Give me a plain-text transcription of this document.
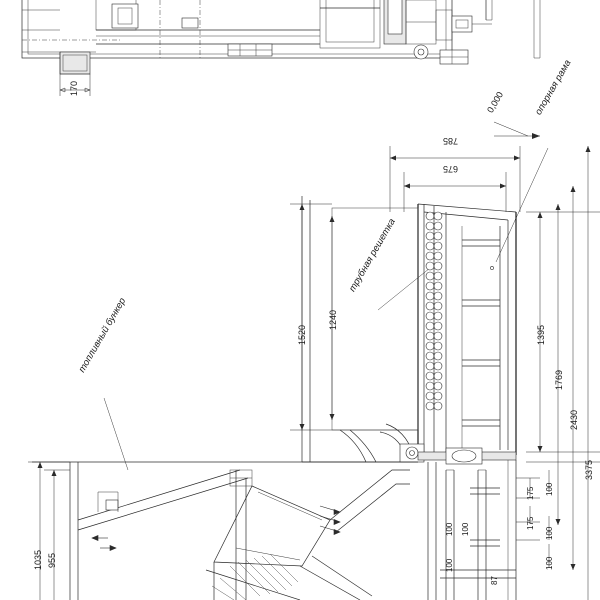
опорная рама
трубная решетка
топливный бункер
0,000
170
785
675
1520
1240
1395
1769
2430
3375
175
175
100
100
100
100 100
100
87
1035 955
